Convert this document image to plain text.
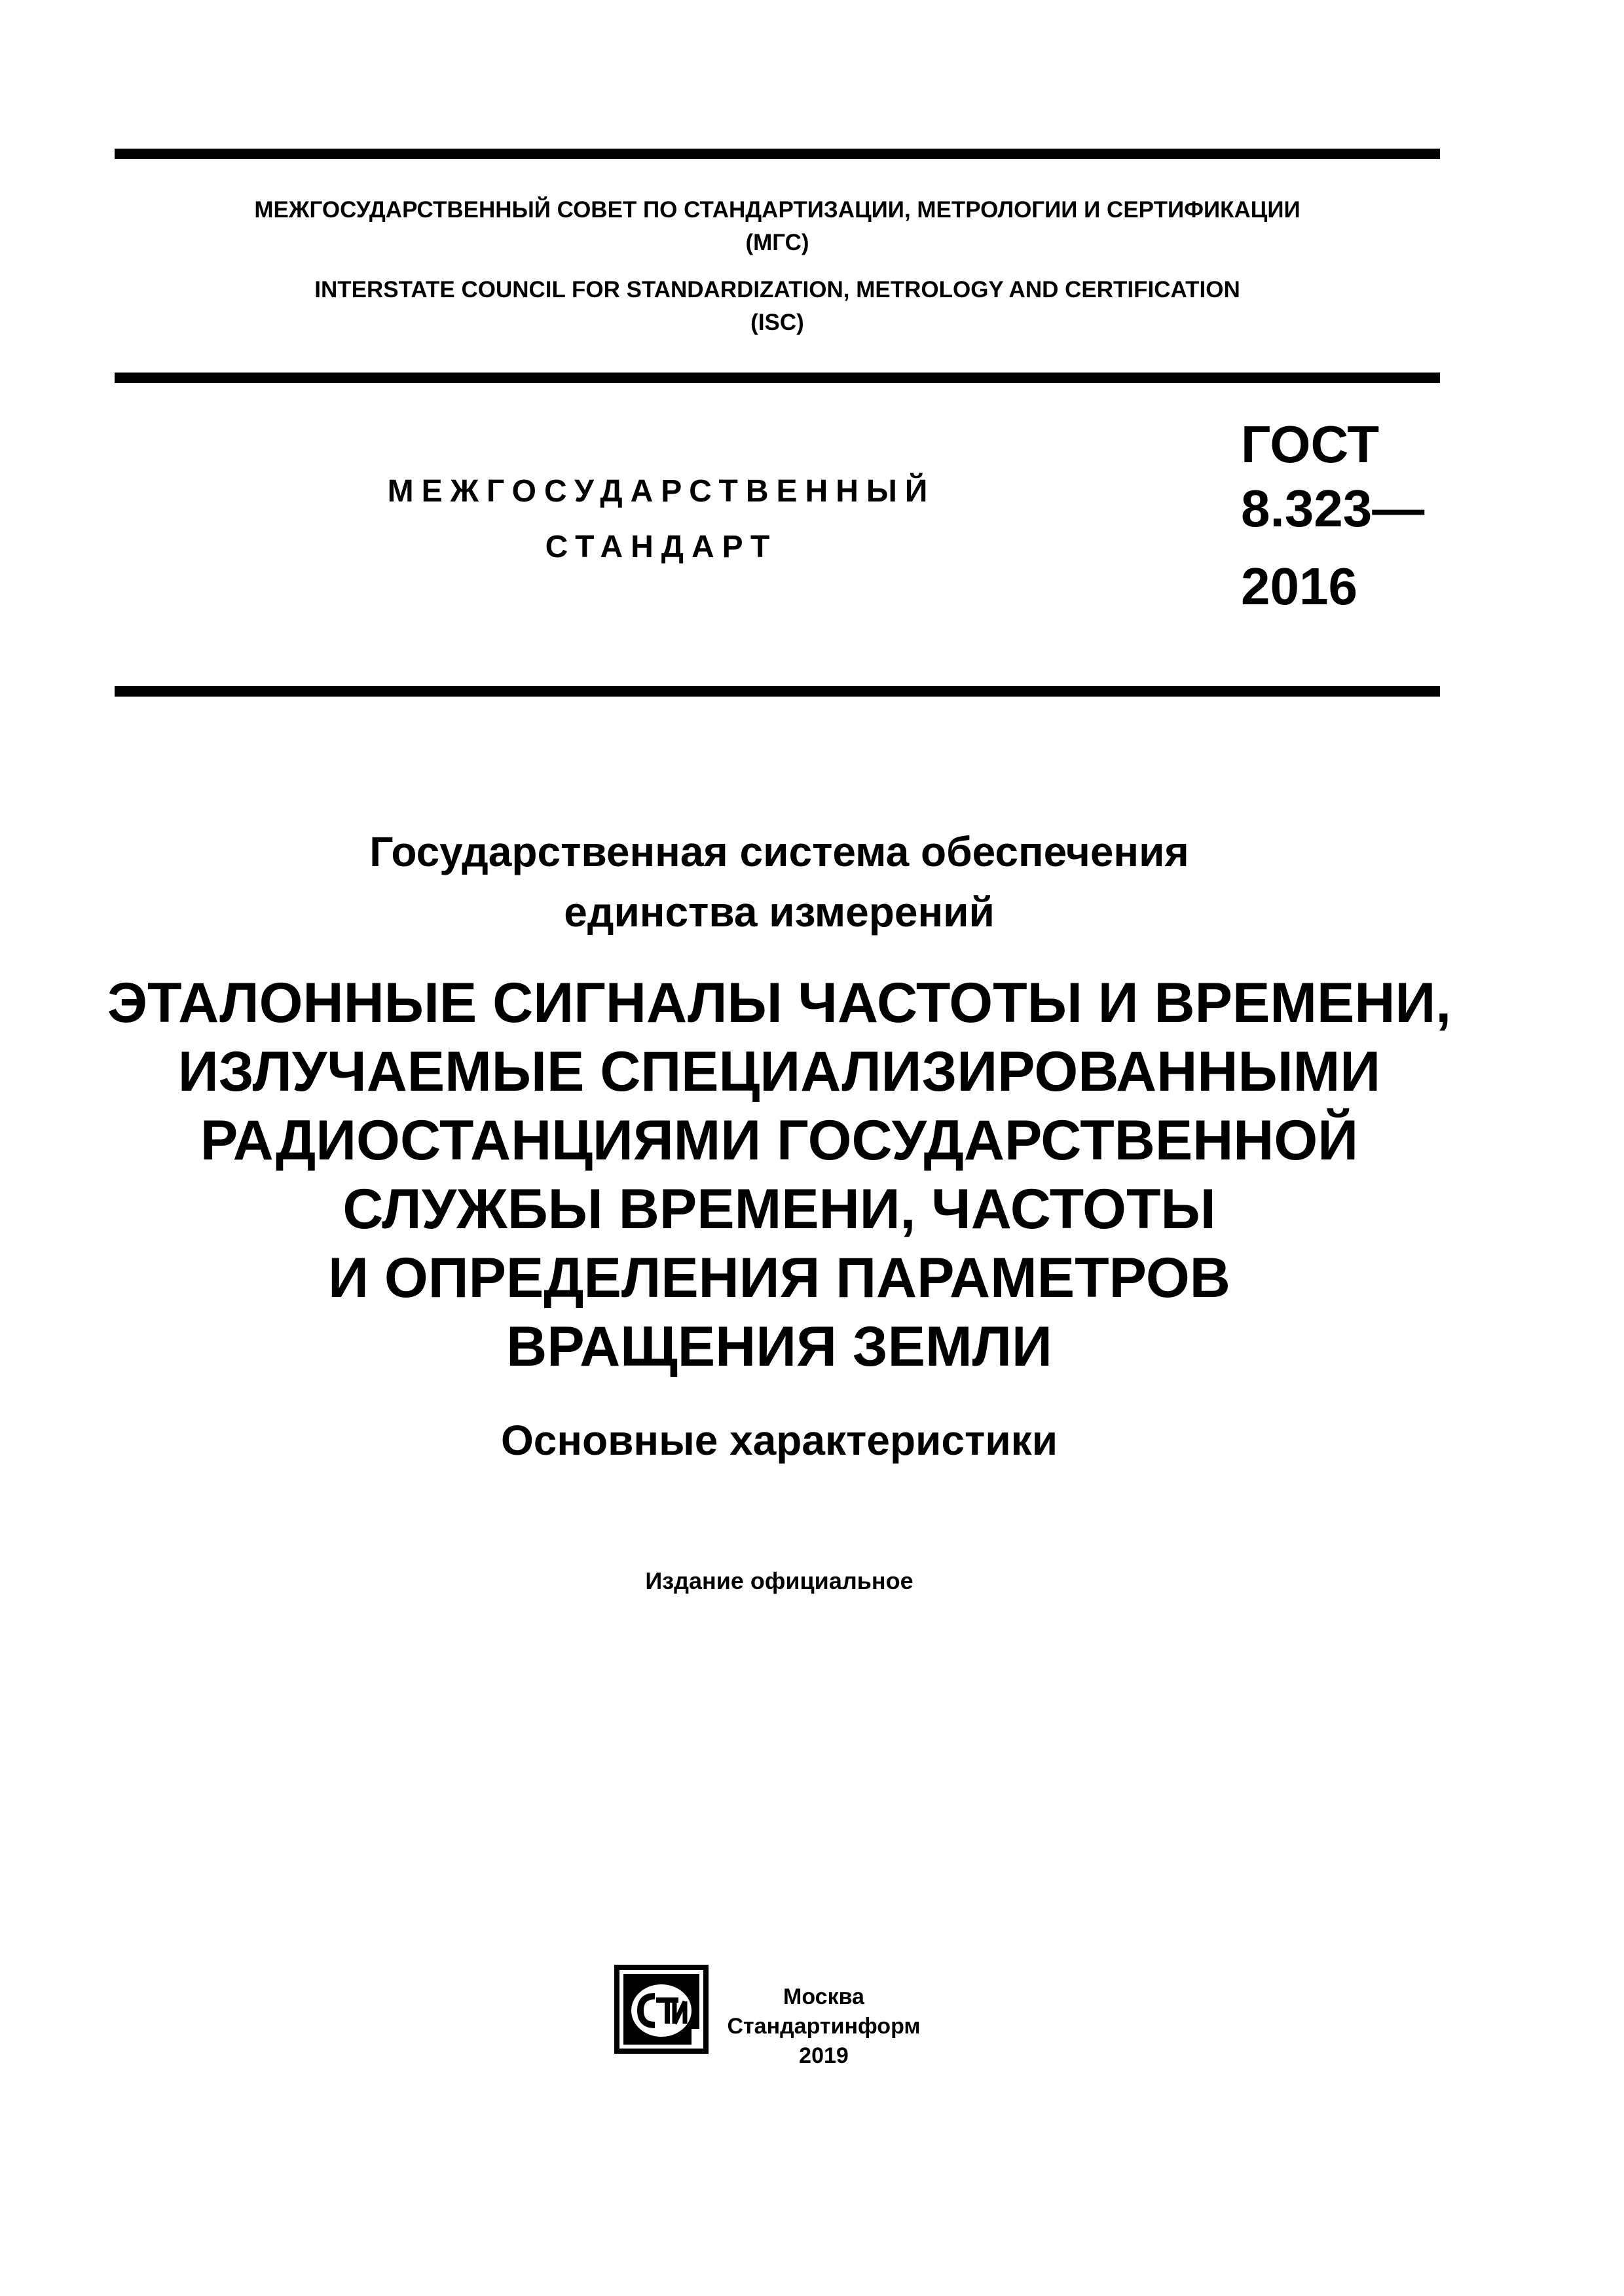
МЕЖГОСУДАРСТВЕННЫЙ СОВЕТ ПО СТАНДАРТИЗАЦИИ, МЕТРОЛОГИИ И СЕРТИФИКАЦИИ
(МГС)
INTERSTATE COUNCIL FOR STANDARDIZATION, METROLOGY AND CERTIFICATION
(ISC)
МЕЖГОСУДАРСТВЕННЫЙ
СТАНДАРТ
ГОСТ
8.323—
2016
Государственная система обеспечения
единства измерений
ЭТАЛОННЫЕ СИГНАЛЫ ЧАСТОТЫ И ВРЕМЕНИ,
ИЗЛУЧАЕМЫЕ СПЕЦИАЛИЗИРОВАННЫМИ
РАДИОСТАНЦИЯМИ ГОСУДАРСТВЕННОЙ
СЛУЖБЫ ВРЕМЕНИ, ЧАСТОТЫ
И ОПРЕДЕЛЕНИЯ ПАРАМЕТРОВ
ВРАЩЕНИЯ ЗЕМЛИ
Основные характеристики
Издание официальное
Москва
Стандартинформ
2019
